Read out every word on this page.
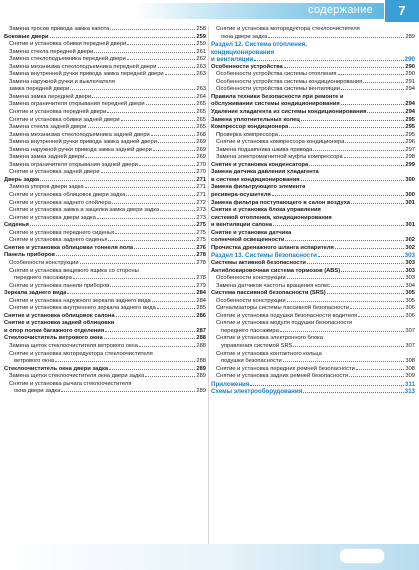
содержание	7
Замена тросов привода замка капота	258
Боковые двери	259
Снятие и установка обивки передней двери	259
Замена стекла передней двери	261
Замена стеклоподъемника передней двери	262
Замена механизма стеклоподъемника передней двери	263
Замена внутренней ручки привода замка передней двери	263
Замена наружной ручки и выключателя
замка передней двери	263
Замена замка передней двери	264
Замена ограничителя открывания передней двери	265
Снятие и установка передней двери	265
Снятие и установка обивки задней двери	265
Замена стекла задней двери	265
Замена механизма стеклоподъемника задней двери	268
Замена внутренней ручки привода замка задней двери	269
Замена наружной ручки привода замка задней двери	269
Замена замка задней двери	269
Замена ограничителя открывания задней двери	270
Снятие и установка задней двери	270
Дверь задка	271
Замена упоров двери задка	271
Снятие и установка облицовок двери задка	271
Снятие и установка заднего спойлера	272
Снятие и установка замка и защелки замка двери задка	273
Снятие и установка двери задка	273
Сиденья	275
Снятие и установка переднего сиденья	275
Снятие и установка заднего сиденья	275
Снятие и установка облицовки тоннеля пола	276
Панель приборов	278
Особенности конструкции	278
Снятие и установка вещевого ящика со стороны
переднего пассажира	278
Снятие и установка панели приборов	279
Зеркала заднего вида	284
Снятие и установка наружного зеркала заднего вида	284
Снятие и установка внутреннего зеркала заднего вида	285
Снятие и установка облицовок салона	286
Снятие и установка задней облицовки
и опор полки багажного отделения	287
Стеклоочиститель ветрового окна	288
Замена щеток стеклоочистителя ветрового окна	288
Снятие и установка моторедуктора стеклоочистителя
ветрового окна	288
Стеклоочиститель окна двери задка	289
Замена щетки стеклоочистителя окна двери задка	289
Снятие и установка рычага стеклоочистителя
окна двери задка	289
Снятие и установка моторедуктора стеклоочистителя
окна двери задка	289
Раздел 12. Система отопления,
кондиционирования
и вентиляции	290
Особенности устройства	290
Особенности устройства системы отопления	290
Особенности устройства системы кондиционирования	291
Особенности устройства системы вентиляции	294
Правила техники безопасности при ремонте и
обслуживании системы кондиционирования	294
Удаление хладагента из системы кондиционирования	294
Замена уплотнительных колец	295
Компрессор кондиционера	295
Проверка компрессора	295
Снятие и установка компрессора кондиционера	296
Замена подшипника шкива привода	297
Замена электромагнитной муфты компрессора	298
Снятие и установка конденсатора	299
Замена датчика давления хладагента
в системе кондиционирования	300
Замена фильтрующего элемента
ресивера-осушителя	300
Замена фильтра поступающего в салон воздуха	301
Снятие и установка блока управления
системой отопления, кондиционирования
и вентиляции салона	301
Снятие и установка датчика
солнечной освещенности	302
Прочистка дренажного шланга испарителя	302
Раздел 13. Системы безопасности	303
Системы активной безопасности	303
Антиблокировочная система тормозов (ABS)	303
Особенности конструкции	303
Замена датчиков частоты вращения колес	304
Система пассивной безопасности (SRS)	305
Особенности конструкции	305
Сигнализаторы системы пассивной безопасности	306
Снятие и установка подушки безопасности водителя	306
Снятие и установка модуля подушки безопасности
переднего пассажира	307
Снятие и установка электронного блока
управления системой SRS	307
Снятие и установка контактного кольца
подушки безопасности	308
Снятие и установка передних ремней безопасности	308
Снятие и установка задних ремней безопасности	309
Приложения	311
Схемы электрооборудования	313
